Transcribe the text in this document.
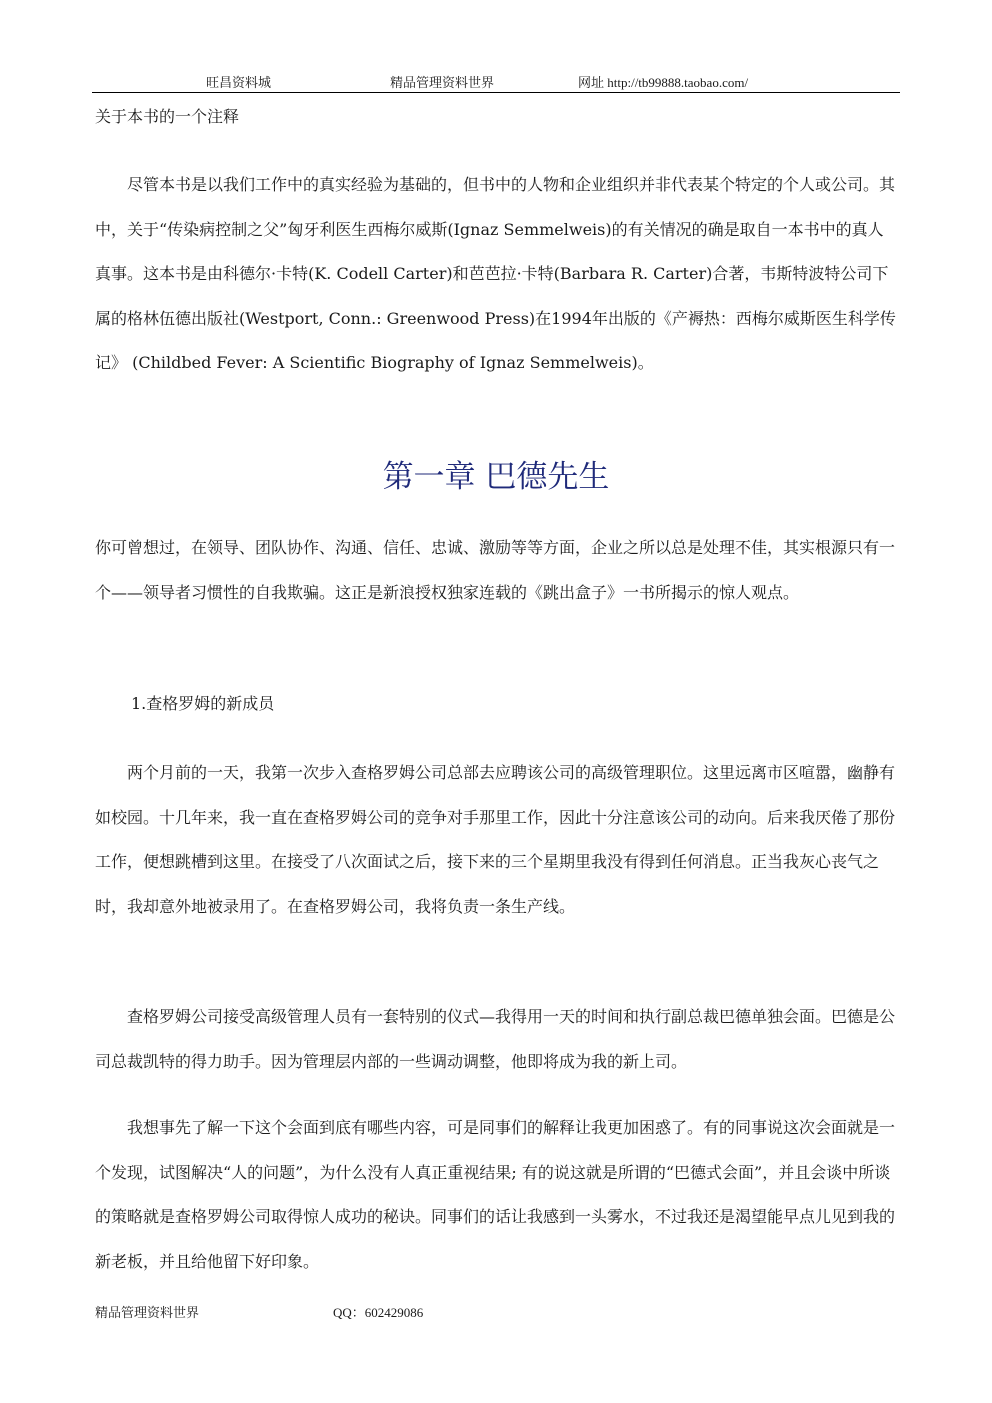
旺昌资料城	精品管理资料世界	网址 http://tb99888.taobao.com/
关于本书的一个注释
尽管本书是以我们工作中的真实经验为基础的，但书中的人物和企业组织并非代表某个特定的个人或公司。其中，关于“传染病控制之父”匈牙利医生西梅尔威斯(Ignaz Semmelweis)的有关情况的确是取自一本书中的真人真事。这本书是由科德尔·卡特(K. Codell Carter)和芭芭拉·卡特(Barbara R. Carter)合著，韦斯特波特公司下属的格林伍德出版社(Westport, Conn.: Greenwood Press)在1994年出版的《产褥热：西梅尔威斯医生科学传记》 (Childbed Fever: A Scientific Biography of Ignaz Semmelweis)。
第一章 巴德先生
你可曾想过，在领导、团队协作、沟通、信任、忠诚、激励等等方面，企业之所以总是处理不佳，其实根源只有一个——领导者习惯性的自我欺骗。这正是新浪授权独家连载的《跳出盒子》一书所揭示的惊人观点。
1.查格罗姆的新成员
两个月前的一天，我第一次步入查格罗姆公司总部去应聘该公司的高级管理职位。这里远离市区喧嚣，幽静有如校园。十几年来，我一直在查格罗姆公司的竞争对手那里工作，因此十分注意该公司的动向。后来我厌倦了那份工作，便想跳槽到这里。在接受了八次面试之后，接下来的三个星期里我没有得到任何消息。正当我灰心丧气之时，我却意外地被录用了。在查格罗姆公司，我将负责一条生产线。
查格罗姆公司接受高级管理人员有一套特别的仪式—我得用一天的时间和执行副总裁巴德单独会面。巴德是公司总裁凯特的得力助手。因为管理层内部的一些调动调整，他即将成为我的新上司。
我想事先了解一下这个会面到底有哪些内容，可是同事们的解释让我更加困惑了。有的同事说这次会面就是一个发现，试图解决“人的问题”，为什么没有人真正重视结果; 有的说这就是所谓的“巴德式会面”，并且会谈中所谈的策略就是查格罗姆公司取得惊人成功的秘诀。同事们的话让我感到一头雾水，不过我还是渴望能早点儿见到我的新老板，并且给他留下好印象。
精品管理资料世界	QQ：602429086
